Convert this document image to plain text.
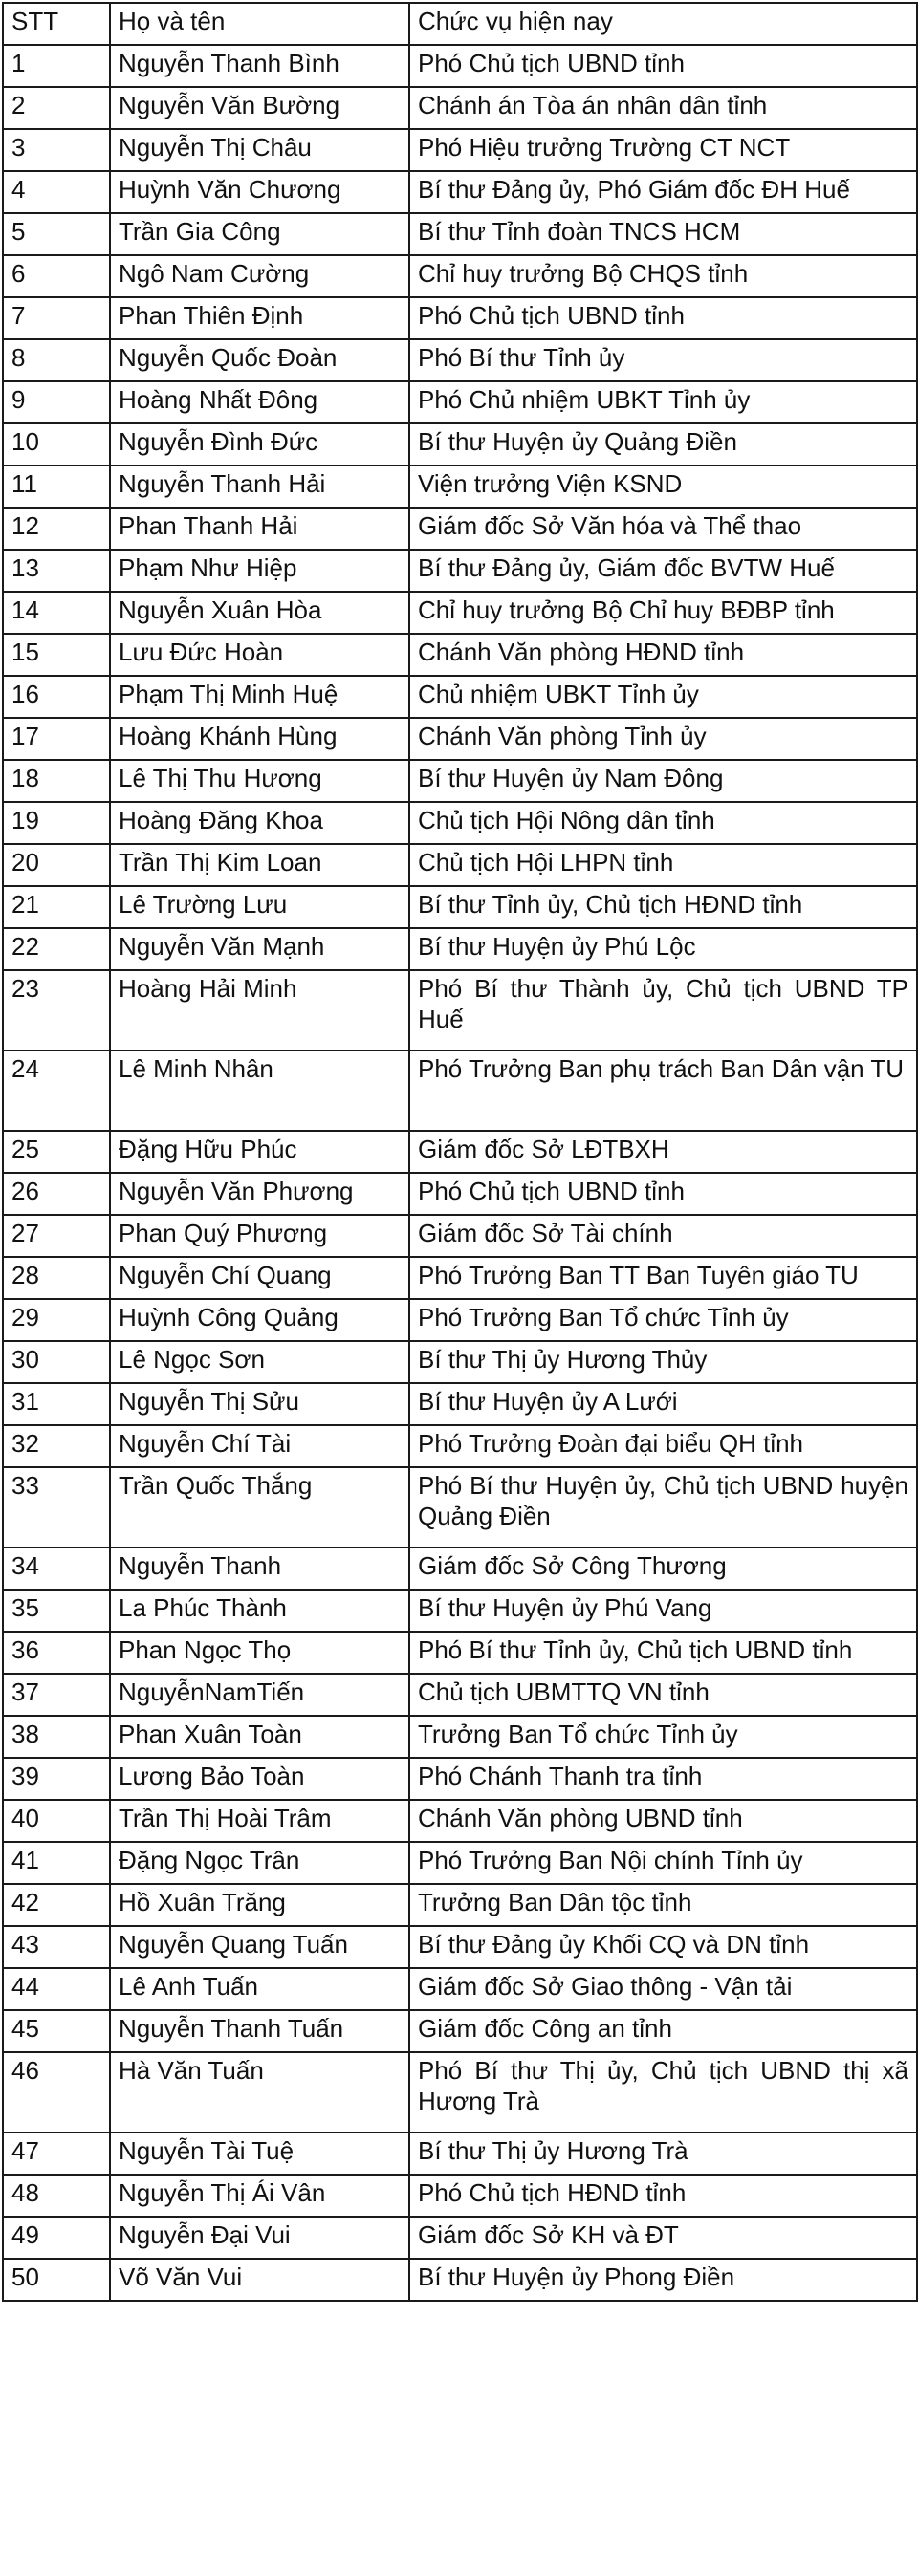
STT	Họ và tên	Chức vụ hiện nay
1	Nguyễn Thanh Bình	Phó Chủ tịch UBND tỉnh
2	Nguyễn Văn Bường	Chánh án Tòa án nhân dân tỉnh
3	Nguyễn Thị Châu	Phó Hiệu trưởng Trường CT NCT
4	Huỳnh Văn Chương	Bí thư Đảng ủy, Phó Giám đốc ĐH Huế
5	Trần Gia Công	Bí thư Tỉnh đoàn TNCS HCM
6	Ngô Nam Cường	Chỉ huy trưởng Bộ CHQS tỉnh
7	Phan Thiên Định	Phó Chủ tịch UBND tỉnh
8	Nguyễn Quốc Đoàn	Phó Bí thư Tỉnh ủy
9	Hoàng Nhất Đông	Phó Chủ nhiệm UBKT Tỉnh ủy
10	Nguyễn Đình Đức	Bí thư Huyện ủy Quảng Điền
11	Nguyễn Thanh Hải	Viện trưởng Viện KSND
12	Phan Thanh Hải	Giám đốc Sở Văn hóa và Thể thao
13	Phạm Như Hiệp	Bí thư Đảng ủy, Giám đốc BVTW Huế
14	Nguyễn Xuân Hòa	Chỉ huy trưởng Bộ Chỉ huy BĐBP tỉnh
15	Lưu Đức Hoàn	Chánh Văn phòng HĐND tỉnh
16	Phạm Thị Minh Huệ	Chủ nhiệm UBKT Tỉnh ủy
17	Hoàng Khánh Hùng	Chánh Văn phòng Tỉnh ủy
18	Lê Thị Thu Hương	Bí thư Huyện ủy Nam Đông
19	Hoàng Đăng Khoa	Chủ tịch Hội Nông dân tỉnh
20	Trần Thị Kim Loan	Chủ tịch Hội LHPN tỉnh
21	Lê Trường Lưu	Bí thư Tỉnh ủy, Chủ tịch HĐND tỉnh
22	Nguyễn Văn Mạnh	Bí thư Huyện ủy Phú Lộc
23	Hoàng Hải Minh	Phó Bí thư Thành ủy, Chủ tịch UBND TP Huế
24	Lê Minh Nhân	Phó Trưởng Ban phụ trách Ban Dân vận TU
25	Đặng Hữu Phúc	Giám đốc Sở LĐTBXH
26	Nguyễn Văn Phương	Phó Chủ tịch UBND tỉnh
27	Phan Quý Phương	Giám đốc Sở Tài chính
28	Nguyễn Chí Quang	Phó Trưởng Ban TT Ban Tuyên giáo TU
29	Huỳnh Công Quảng	Phó Trưởng Ban Tổ chức Tỉnh ủy
30	Lê Ngọc Sơn	Bí thư Thị ủy Hương Thủy
31	Nguyễn Thị Sửu	Bí thư Huyện ủy A Lưới
32	Nguyễn Chí Tài	Phó Trưởng Đoàn đại biểu QH tỉnh
33	Trần Quốc Thắng	Phó Bí thư Huyện ủy, Chủ tịch UBND huyện Quảng Điền
34	Nguyễn Thanh	Giám đốc Sở Công Thương
35	La Phúc Thành	Bí thư Huyện ủy Phú Vang
36	Phan Ngọc Thọ	Phó Bí thư Tỉnh ủy, Chủ tịch UBND tỉnh
37	NguyễnNamTiến	Chủ tịch UBMTTQ VN tỉnh
38	Phan Xuân Toàn	Trưởng Ban Tổ chức Tỉnh ủy
39	Lương Bảo Toàn	Phó Chánh Thanh tra tỉnh
40	Trần Thị Hoài Trâm	Chánh Văn phòng UBND tỉnh
41	Đặng Ngọc Trân	Phó Trưởng Ban Nội chính Tỉnh ủy
42	Hồ Xuân Trăng	Trưởng Ban Dân tộc tỉnh
43	Nguyễn Quang Tuấn	Bí thư Đảng ủy Khối CQ và DN tỉnh
44	Lê Anh Tuấn	Giám đốc Sở Giao thông - Vận tải
45	Nguyễn Thanh Tuấn	Giám đốc Công an tỉnh
46	Hà Văn Tuấn	Phó Bí thư Thị ủy, Chủ tịch UBND thị xã Hương Trà
47	Nguyễn Tài Tuệ	Bí thư Thị ủy Hương Trà
48	Nguyễn Thị Ái Vân	Phó Chủ tịch HĐND tỉnh
49	Nguyễn Đại Vui	Giám đốc Sở KH và ĐT
50	Võ Văn Vui	Bí thư Huyện ủy Phong Điền
